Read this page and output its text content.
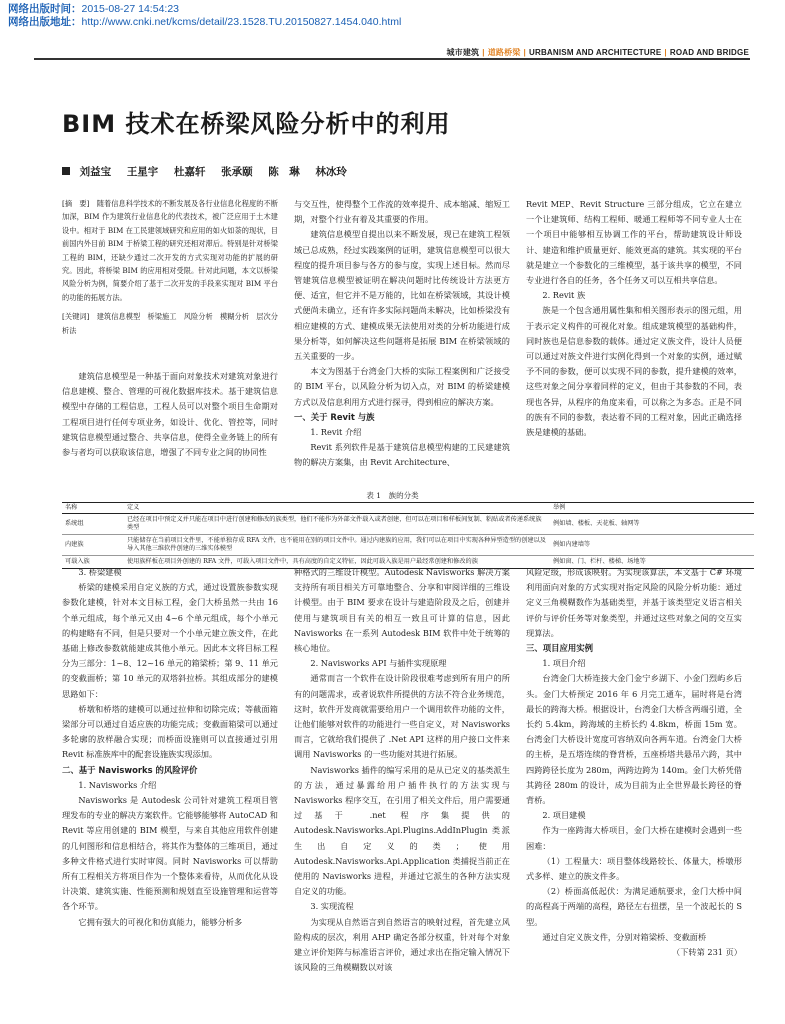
网络出版时间：2015-08-27 14:54:23
网络出版地址：http://www.cnki.net/kcms/detail/23.1528.TU.20150827.1454.040.html
城市建筑 | 道路桥梁 | URBANISM AND ARCHITECTURE | ROAD AND BRIDGE
BIM 技术在桥梁风险分析中的利用
刘益宝 王星宇 杜嘉轩 张承颐 陈　琳 林冰玲

[摘　要]　随着信息科学技术的不断发展及各行业信息化程度的不断加深，BIM 作为建筑行业信息化的代表技术，被广泛应用于土木建设中。相对于 BIM 在工民建领域研究和应用的如火如荼的现状，目前国内外目前 BIM 于桥梁工程的研究还相对滞后。特别是针对桥梁工程的 BIM，还缺少通过二次开发的方式实现对功能的扩展的研究。因此，将桥梁 BIM 的应用相对受限。针对此问题，本文以桥梁风险分析为例，简要介绍了基于二次开发的手段来实现对 BIM 平台的功能的拓展方法。

[关键词]　建筑信息模型　桥梁施工　风险分析　模糊分析　层次分析法

建筑信息模型是一种基于面向对象技术对建筑对象进行信息建模、整合、管理的可视化数据库技术。基于建筑信息模型中存储的工程信息，工程人员可以对整个项目生命期对工程项目进行任何专项业务，如设计、优化、管控等，同时建筑信息模型通过整合、共享信息，使得全业务链上的所有参与者均可以获取该信息，增强了不同专业之间的协同性

与交互性，使得整个工作流的效率提升、成本缩减、缩短工期，对整个行业有着及其重要的作用。

建筑信息模型自提出以来不断发展，现已在建筑工程领域已总成熟，经过实践案例的证明，建筑信息模型可以很大程度的提升项目参与各方的参与度，实现上述目标。然而尽管建筑信息模型被证明在解决问题时比传统设计方法更方便、适宜，但它并不是万能的，比如在桥梁领域，其设计模式便尚未确立，还有许多实际问题尚未解决，比如桥梁没有相应建模的方式、建模成果无法使用对类的分析功能进行成果分析等，如何解决这些问题将是拓展 BIM 在桥梁领域的五关重要的一步。

本文为图基于台湾金门大桥的实际工程案例和广泛接受的 BIM 平台，以风险分析为切入点，对 BIM 的桥梁建模方式以及信息利用方式进行探寻，得到相应的解决方案。

一、关于 Revit 与族
1. Revit 介绍

Revit 系列软件是基于建筑信息模型构建的工民建建筑物的解决方案集，由 Revit Architecture、

Revit MEP、Revit Structure 三部分组成，它立在建立一个让建筑师、结构工程师、暖通工程师等不同专业人士在一个项目中能够相互协调工作的平台，帮助建筑设计师设计、建造和维护质量更好、能效更高的建筑。其实现的平台就是建立一个参数化的三维模型，基于该共享的模型，不同专业进行各自的任务，各个任务又可以互相共享信息。

2. Revit 族

族是一个包含通用属性集和相关图形表示的图元组，用于表示定义构件的可视化对象。组成建筑模型的基础构件，同时族也是信息参数的载体。通过定义族文件，设计人员便可以通过对族文件进行实例化得到一个对象的实例，通过赋予不同的参数，便可以实现不同的参数，提升建模的效率，这些对象之间分享着同样的定义，但由于其参数的不同，表现也各异，从程序的角度来看，可以称之为多态。正是不同的族有不同的参数，表达着不同的工程对象，因此正确选择族是建模的基础。

表 1　族的分类
名称	定义	举例
系统组	已经在项目中预定义并只能在项目中进行创建和修改的族类型，他们不能作为外部文件载入或者创建，但可以在项目和样板间复制、粘贴或者传递系统族类型	例如墙、楼板、天花板、轴网等
内建族	只能储存在当前项目文件里，不能单独存成 RFA 文件，也不能用在别的项目文件中。通过内建族的应用，我们可以在项目中实现各种异型造型的创建以及导入其他三维软件创建的三维实体模型	例如内建墙等
可载入族	使用族样板在项目外创建的 RFA 文件，可载入项目文件中，具有高度的自定义特征，因此可载入族是用户最经常创建和修改的族	例如窗、门、栏杆、楼梯、场地等
3. 桥梁建模

桥梁的建模采用自定义族的方式，通过设置族参数实现参数化建模，针对本文目标工程，金门大桥虽然一共由 16 个单元组成，每个单元又由 4~6 个单元组成，每个小单元的构建略有不同，但是只要对一个小单元建立族文件，在此基础上修改参数就能建成其他小单元。因此本文将目标工程分为三部分：1~8、12~16 单元的箱梁桥；第 9、11 单元的变截面桥；第 10 单元的双塔斜拉桥。其组成部分的建模思路如下：

桥墩和桥塔的建模可以通过拉伸和切除完成；等截面箱梁部分可以通过自适应族的功能完成；变截面箱梁可以通过多轮廓的放样融合实现；而桥面设施则可以直接通过引用 Revit 标准族库中的配套设施族实现添加。

二、基于 Navisworks 的风险评价
1. Navisworks 介绍

Navisworks 是 Autodesk 公司针对建筑工程项目管理发布的专业的解决方案软件。它能够能够将 AutoCAD 和 Revit 等应用创建的 BIM 模型，与来自其他应用软件创建的几何图形和信息相结合，将其作为整体的三维项目，通过多种文件格式进行实时审阅。同时 Navisworks 可以帮助所有工程相关方将项目作为一个整体来看待，从而优化从设计决策、建筑实施、性能预测和规划直至设施管理和运营等各个环节。

它拥有强大的可视化和仿真能力，能够分析多

种格式的三维设计模型。Autodesk Navisworks 解决方案支持所有项目相关方可靠地整合、分享和审阅详细的三维设计模型。由于 BIM 要求在设计与建造阶段及之后，创建并使用与建筑项目有关的相互一致且可计算的信息，因此 Navisworks 在一系列 Autodesk BIM 软件中处于统筹的核心地位。

2. Navisworks API 与插件实现原理

通常而言一个软件在设计阶段很难考虑到所有用户的所有的问题需求，或者说软件所提供的方法不符合业务规范，这时，软件开发商就需要给用户一个调用软件功能的文件，让他们能够对软件的功能进行一些自定义，对 Navisworks 而言，它就给我们提供了 .Net API 这样的用户接口文件来调用 Navisworks 的一些功能对其进行拓展。

Navisworks 插件的编写采用的是从已定义的基类派生的方法，通过暴露给用户插件执行的方法实现与 Navisworks 程序交互，在引用了相关文件后，用户需要通过基于 .net 程序集提供的 Autodesk.Navisworks.Api.Plugins.AddInPlugin 类派生出自定义的类；使用 Autodesk.Navisworks.Api.Application 类捕捉当前正在使用的 Navisworks 进程，并通过它派生的各种方法实现自定义的功能。

3. 实现流程

为实现从自然语言到自然语言的映射过程，首先建立风险构成的层次，利用 AHP 确定各部分权重，针对每个对象建立评价矩阵与标准语言评价，通过求出在指定输入情况下该风险的三角模糊数以对该

风险定级，形成该映射。为实现该算法，本文基于 C# 环境利用面向对象的方式实现对指定风险的风险分析功能：通过定义三角模糊数作为基础类型，并基于该类型定义语言相关评价与评价任务等对象类型，并通过这些对象之间的交互实现算法。

三、项目应用实例
1. 项目介绍

台湾金门大桥连接大金门金宁乡湖下、小金门烈屿乡后头。金门大桥预定 2016 年 6 月完工通车，届时将是台湾最长的跨海大桥。根据设计，台湾金门大桥含两端引道，全长约 5.4km，跨海域的主桥长约 4.8km，桥面 15m 宽。台湾金门大桥设计宽度可容纳双向各两车道。台湾金门大桥的主桥，是五塔连续的脊背桥，五座桥塔共悬吊六跨，其中四跨跨径长度为 280m，两跨边跨为 140m。金门大桥凭借其跨径 280m 的设计，成为目前为止全世界最长跨径的脊背桥。

2. 项目建模

作为一座跨海大桥项目，金门大桥在建模时会遇到一些困难：

（1）工程量大：项目整体线路较长、体量大，桥墩形式多样、建立的族文件多。

（2）桥面高低起伏：为满足通航要求，金门大桥中间的高程高于两端的高程，路径左右扭摆，呈一个波起长的 S 型。

通过自定义族文件，分别对箱梁桥、变截面桥

（下转第 231 页）
